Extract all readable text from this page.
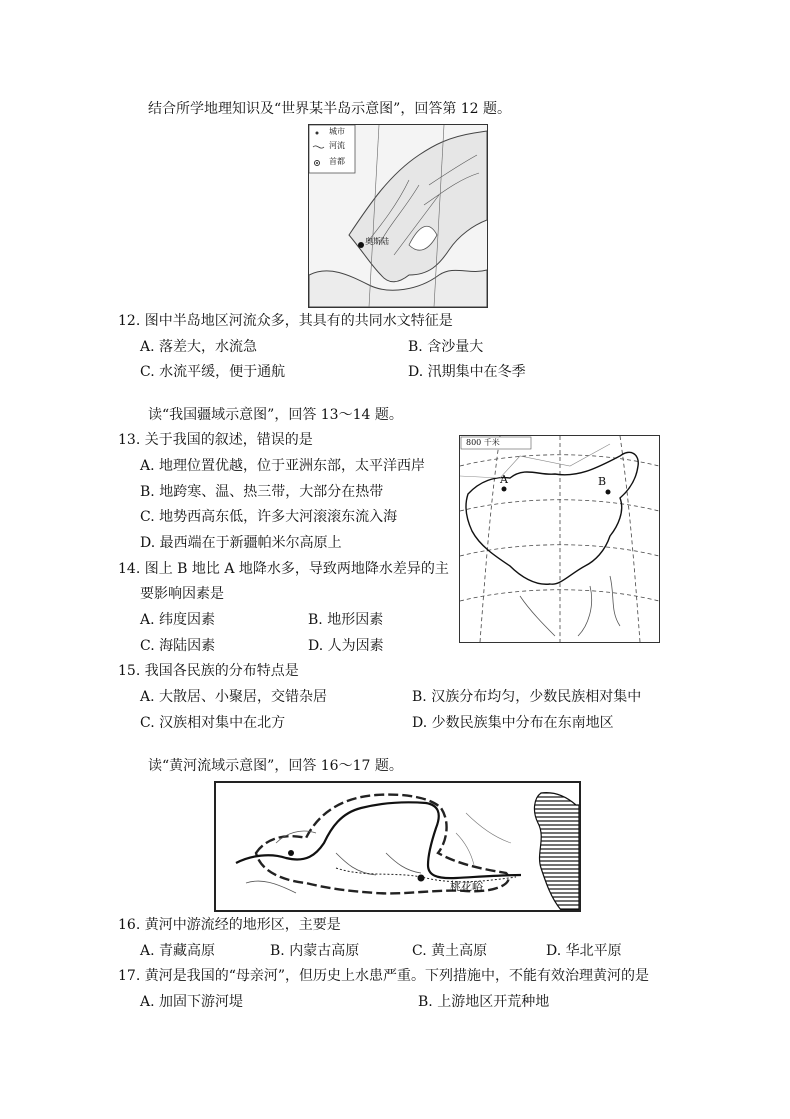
结合所学地理知识及“世界某半岛示意图”，回答第 12 题。
城市
河流
首都
奥斯陆
12. 图中半岛地区河流众多，其具有的共同水文特征是
A. 落差大，水流急	B. 含沙量大
C. 水流平缓，便于通航	D. 汛期集中在冬季
读“我国疆域示意图”，回答 13～14 题。
800 千米
A	B
13. 关于我国的叙述，错误的是
A. 地理位置优越，位于亚洲东部，太平洋西岸
B. 地跨寒、温、热三带，大部分在热带
C. 地势西高东低，许多大河滚滚东流入海
D. 最西端在于新疆帕米尔高原上
14. 图上 B 地比 A 地降水多，导致两地降水差异的主
要影响因素是
A. 纬度因素	B. 地形因素
C. 海陆因素	D. 人为因素
15. 我国各民族的分布特点是
A. 大散居、小聚居，交错杂居	B. 汉族分布均匀，少数民族相对集中
C. 汉族相对集中在北方	D. 少数民族集中分布在东南地区
读“黄河流域示意图”，回答 16～17 题。
桃花峪
16. 黄河中游流经的地形区，主要是
A. 青藏高原	B. 内蒙古高原	C. 黄土高原	D. 华北平原
17. 黄河是我国的“母亲河”，但历史上水患严重。下列措施中，不能有效治理黄河的是
A. 加固下游河堤	B. 上游地区开荒种地
